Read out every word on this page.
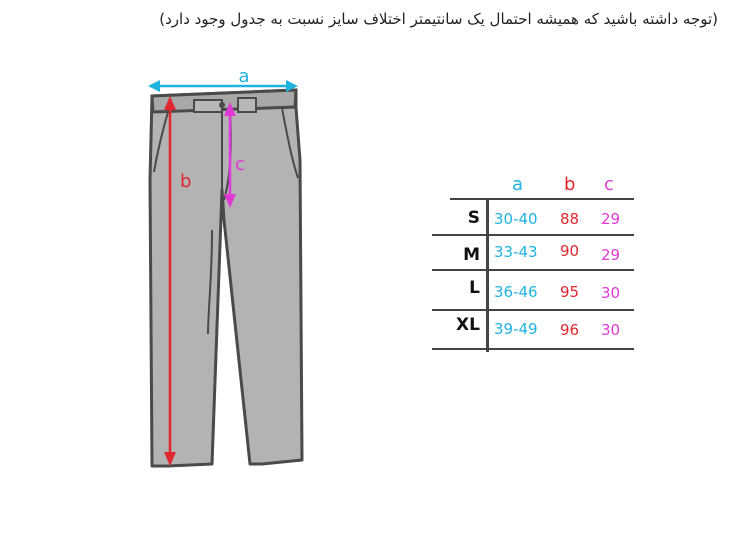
(توجه داشته باشید که همیشه احتمال یک سانتیمتر اختلاف سایز نسبت به جدول وجود دارد)
a
b
c
a b c
S 30-40 88 29
M 33-43 90 29
L 36-46 95 30
XL 39-49 96 30
